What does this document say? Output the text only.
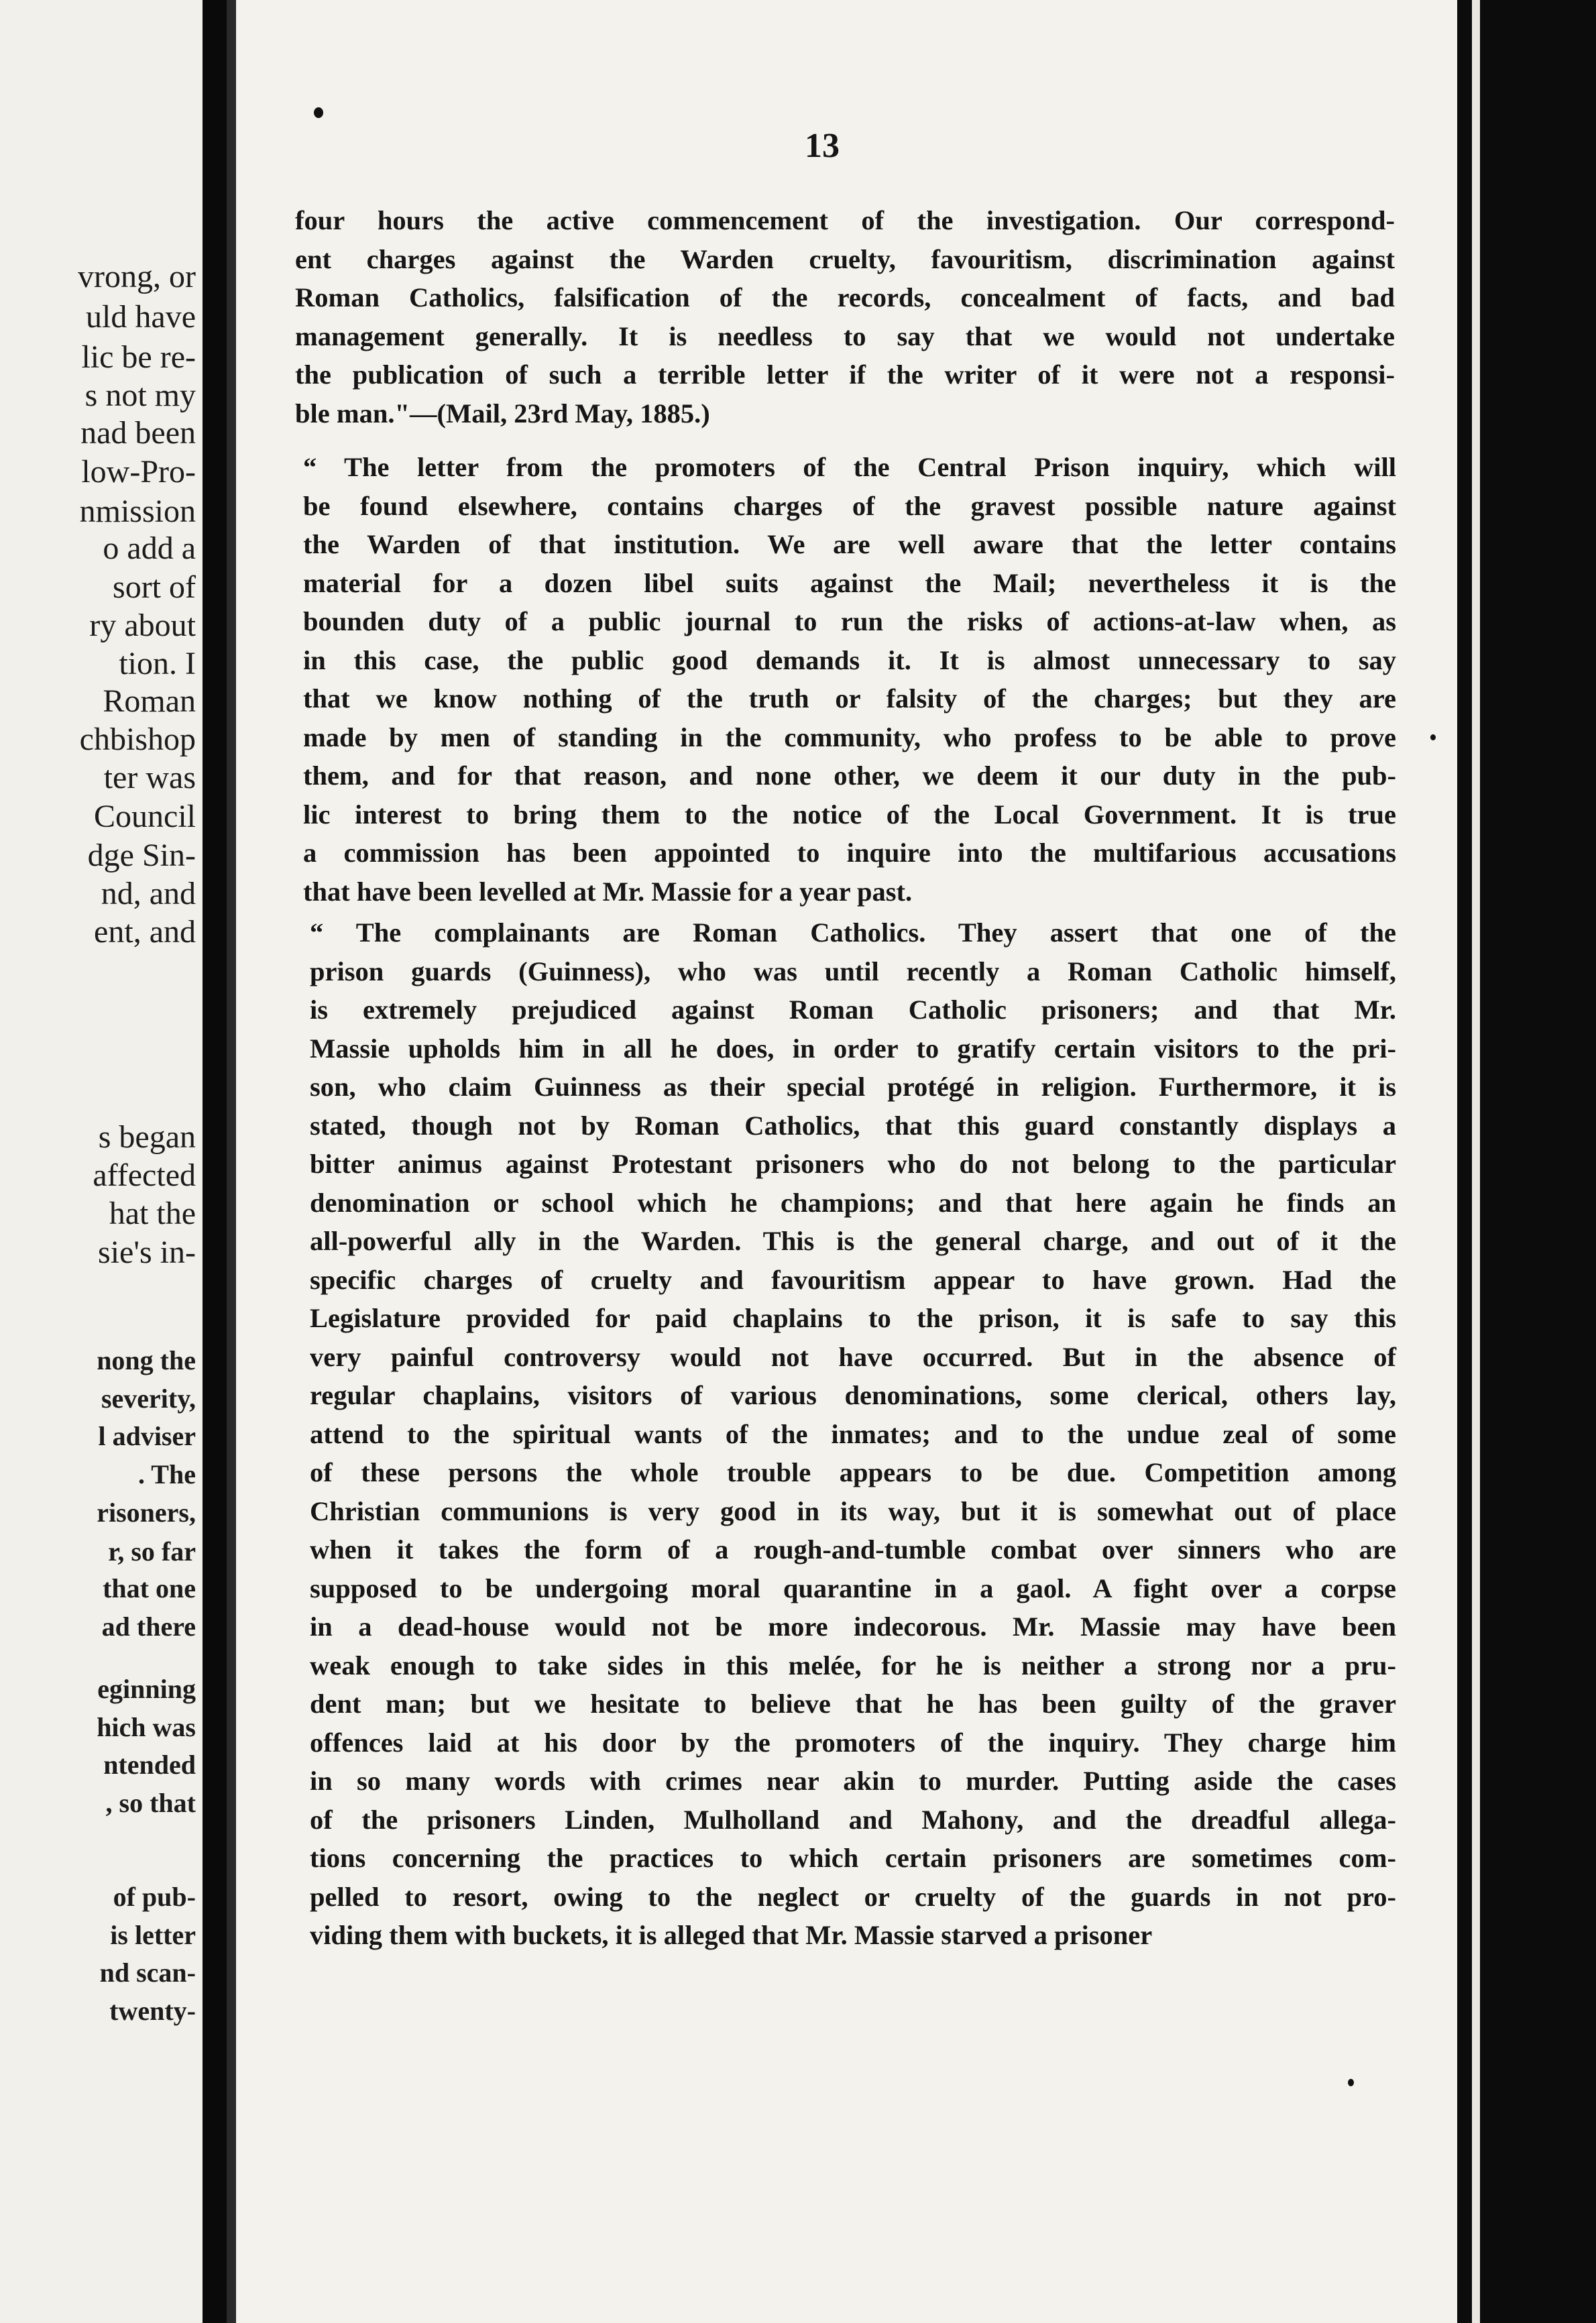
vrong, or
uld have
lic be re-
s not my
nad been
low-Pro-
nmission
o add a
sort of
ry about
tion. I
Roman
chbishop
ter was
Council
dge Sin-
nd, and
ent, and
s began
affected
hat the
sie's in-
nong the
severity,
l adviser
. The
risoners,
r, so far
that one
ad there
eginning
hich was
ntended
, so that
of pub-
is letter
nd scan-
twenty-
13
four hours the active commencement of the investigation. Our correspond-
ent charges against the Warden cruelty, favouritism, discrimination against
Roman Catholics, falsification of the records, concealment of facts, and bad
management generally. It is needless to say that we would not undertake
the publication of such a terrible letter if the writer of it were not a responsi-
ble man."—(Mail, 23rd May, 1885.)
“ The letter from the promoters of the Central Prison inquiry, which will
be found elsewhere, contains charges of the gravest possible nature against
the Warden of that institution. We are well aware that the letter contains
material for a dozen libel suits against the Mail; nevertheless it is the
bounden duty of a public journal to run the risks of actions-at-law when, as
in this case, the public good demands it. It is almost unnecessary to say
that we know nothing of the truth or falsity of the charges; but they are
made by men of standing in the community, who profess to be able to prove
them, and for that reason, and none other, we deem it our duty in the pub-
lic interest to bring them to the notice of the Local Government. It is true
a commission has been appointed to inquire into the multifarious accusations
that have been levelled at Mr. Massie for a year past.
“ The complainants are Roman Catholics. They assert that one of the
prison guards (Guinness), who was until recently a Roman Catholic himself,
is extremely prejudiced against Roman Catholic prisoners; and that Mr.
Massie upholds him in all he does, in order to gratify certain visitors to the pri-
son, who claim Guinness as their special protégé in religion. Furthermore, it is
stated, though not by Roman Catholics, that this guard constantly displays a
bitter animus against Protestant prisoners who do not belong to the particular
denomination or school which he champions; and that here again he finds an
all-powerful ally in the Warden. This is the general charge, and out of it the
specific charges of cruelty and favouritism appear to have grown. Had the
Legislature provided for paid chaplains to the prison, it is safe to say this
very painful controversy would not have occurred. But in the absence of
regular chaplains, visitors of various denominations, some clerical, others lay,
attend to the spiritual wants of the inmates; and to the undue zeal of some
of these persons the whole trouble appears to be due. Competition among
Christian communions is very good in its way, but it is somewhat out of place
when it takes the form of a rough-and-tumble combat over sinners who are
supposed to be undergoing moral quarantine in a gaol. A fight over a corpse
in a dead-house would not be more indecorous. Mr. Massie may have been
weak enough to take sides in this melée, for he is neither a strong nor a pru-
dent man; but we hesitate to believe that he has been guilty of the graver
offences laid at his door by the promoters of the inquiry. They charge him
in so many words with crimes near akin to murder. Putting aside the cases
of the prisoners Linden, Mulholland and Mahony, and the dreadful allega-
tions concerning the practices to which certain prisoners are sometimes com-
pelled to resort, owing to the neglect or cruelty of the guards in not pro-
viding them with buckets, it is alleged that Mr. Massie starved a prisoner
